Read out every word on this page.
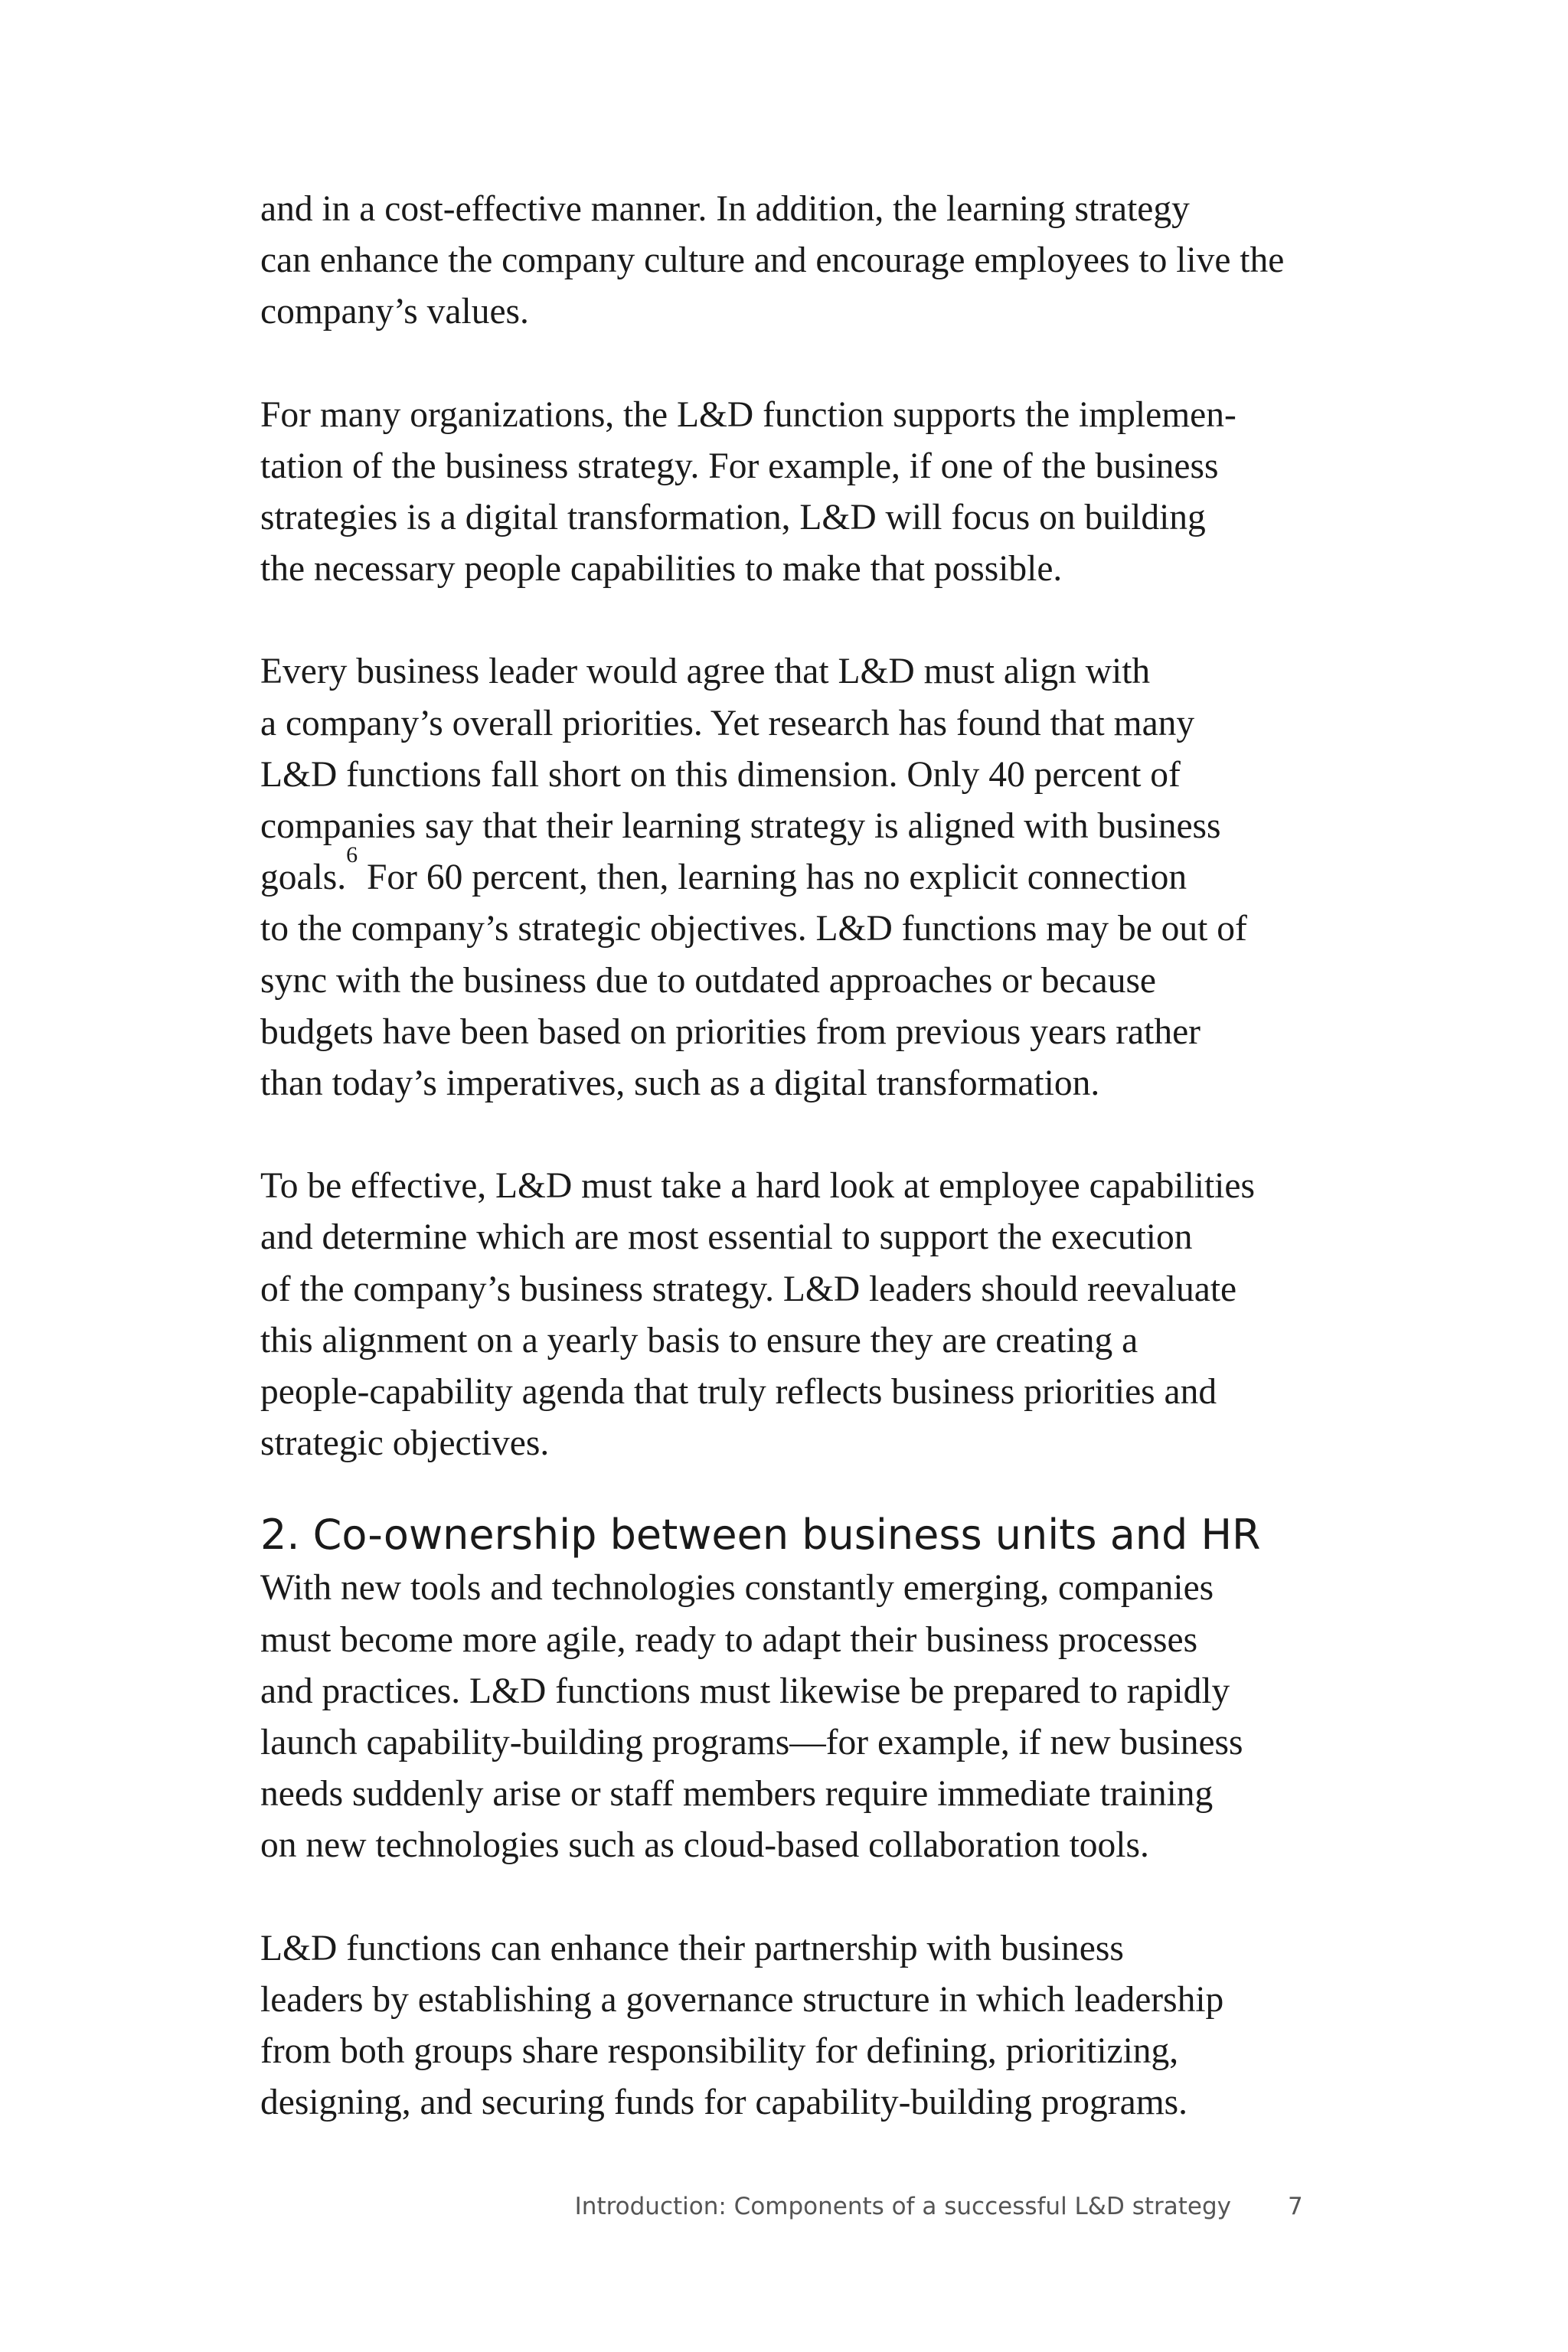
and in a cost-effective manner. In addition, the learning strategy
can enhance the company culture and encourage employees to live the
company’s values.

For many organizations, the L&D function supports the implemen-
tation of the business strategy. For example, if one of the business
strategies is a digital transformation, L&D will focus on building
the necessary people capabilities to make that possible.

Every business leader would agree that L&D must align with
a company’s overall priorities. Yet research has found that many
L&D functions fall short on this dimension. Only 40 percent of
companies say that their learning strategy is aligned with business
goals.$^6$ For 60 percent, then, learning has no explicit connection
to the company’s strategic objectives. L&D functions may be out of
sync with the business due to outdated approaches or because
budgets have been based on priorities from previous years rather
than today’s imperatives, such as a digital transformation.

To be effective, L&D must take a hard look at employee capabilities
and determine which are most essential to support the execution
of the company’s business strategy. L&D leaders should reevaluate
this alignment on a yearly basis to ensure they are creating a
people-capability agenda that truly reflects business priorities and
strategic objectives.

2. Co-ownership between business units and HR

With new tools and technologies constantly emerging, companies
must become more agile, ready to adapt their business processes
and practices. L&D functions must likewise be prepared to rapidly
launch capability-building programs—for example, if new business
needs suddenly arise or staff members require immediate training
on new technologies such as cloud-based collaboration tools.

L&D functions can enhance their partnership with business
leaders by establishing a governance structure in which leadership
from both groups share responsibility for defining, prioritizing,
designing, and securing funds for capability-building programs.

Introduction: Components of a successful L&D strategy 7
